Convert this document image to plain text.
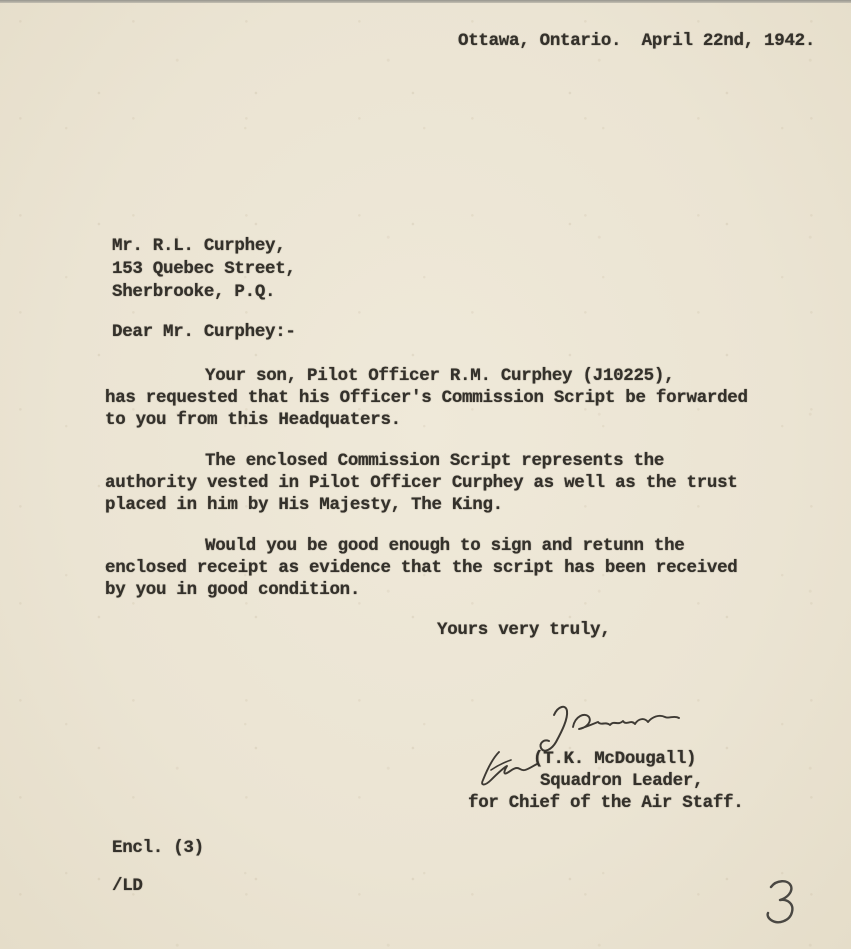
Ottawa, Ontario.  April 22nd, 1942.
Mr. R.L. Curphey,
153 Quebec Street,
Sherbrooke, P.Q.
Dear Mr. Curphey:-
Your son, Pilot Officer R.M. Curphey (J10225),
has requested that his Officer's Commission Script be forwarded
to you from this Headquaters.
The enclosed Commission Script represents the
authority vested in Pilot Officer Curphey as well as the trust
placed in him by His Majesty, The King.
Would you be good enough to sign and retunn the
enclosed receipt as evidence that the script has been received
by you in good condition.
Yours very truly,
(T.K. McDougall)
Squadron Leader,
for Chief of the Air Staff.
Encl. (3)
/LD
